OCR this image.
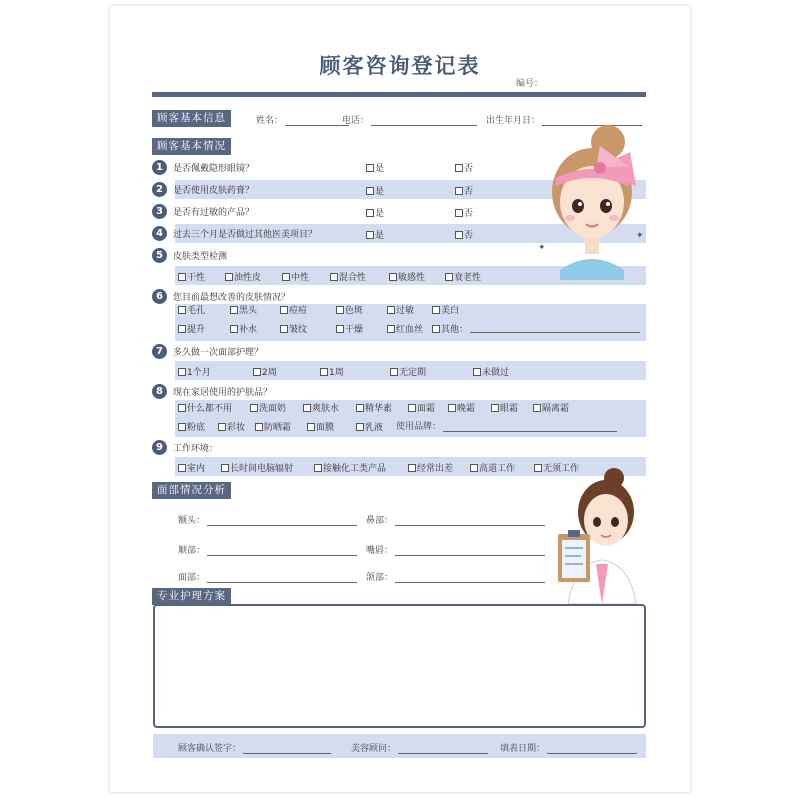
顾客咨询登记表
编号：
顾客基本信息	姓名：	电话：	出生年月日：
顾客基本情况
1	是否佩戴隐形眼镜？	是	否
2	是否使用皮肤药膏？	是	否
3	是否有过敏的产品？	是	否
4	过去三个月是否做过其他医美项目？	是	否
5	皮肤类型检测
干性	油性皮	中性	混合性	敏感性	衰老性
6	您目前最想改善的皮肤情况？
毛孔	黑头	痘痘	色斑	过敏	美白
提升	补水	皱纹	干燥	红血丝 其他：
7	多久做一次面部护理？
1个月	2周	1周	无定期	未做过
8	现在家居使用的护肤品？
什么都不用	洗面奶	爽肤水	精华素	面霜 晚霜	眼霜	隔离霜
粉底 彩妆 防晒霜	面膜	乳液 使用品牌：
9	工作环境：
室内	长时间电脑辐射	接触化工类产品	经常出差	高道工作	无须工作
面部情况分析
额头：	鼻部：
顺部：	嘴唇：
面部：	颌部：
专业护理方案
顾客确认签字：	美容顾问：	填表日期：
✦
✦
